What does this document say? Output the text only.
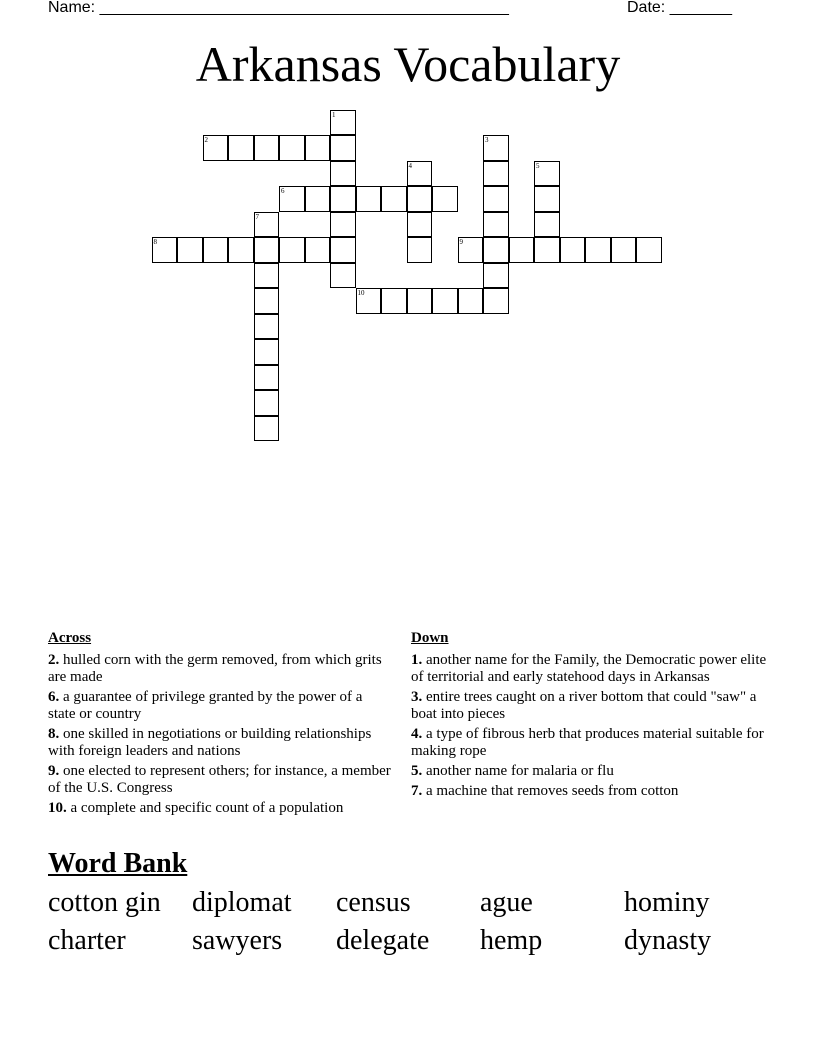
Name: ______________________________________________	Date: _______
Arkansas Vocabulary
1
2	3
4	5
6
7
8	9
10
Across
2. hulled corn with the germ removed, from which grits are made
6. a guarantee of privilege granted by the power of a state or country
8. one skilled in negotiations or building relationships with foreign leaders and nations
9. one elected to represent others; for instance, a member of the U.S. Congress
10. a complete and specific count of a population
Down
1. another name for the Family, the Democratic power elite of territorial and early statehood days in Arkansas
3. entire trees caught on a river bottom that could "saw" a boat into pieces
4. a type of fibrous herb that produces material suitable for making rope
5. another name for malaria or flu
7. a machine that removes seeds from cotton
Word Bank
cotton gin	diplomat	census	ague	hominy
charter	sawyers	delegate	hemp	dynasty
